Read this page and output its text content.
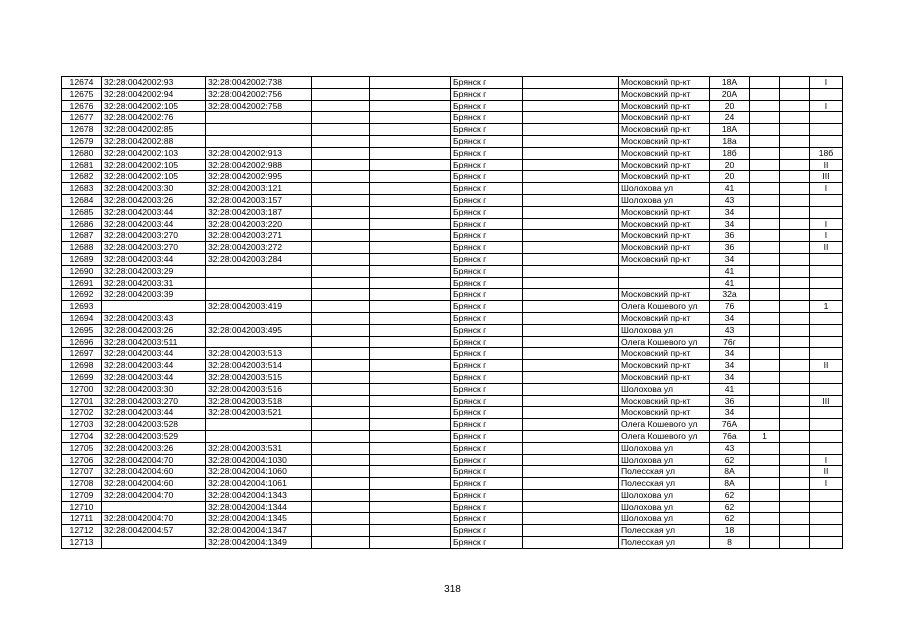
12674	32:28:0042002:93	32:28:0042002:738			Брянск г		Московский пр-кт	18А			I
12675	32:28:0042002:94	32:28:0042002:756			Брянск г		Московский пр-кт	20А			
12676	32:28:0042002:105	32:28:0042002:758			Брянск г		Московский пр-кт	20			I
12677	32:28:0042002:76				Брянск г		Московский пр-кт	24			
12678	32:28:0042002:85				Брянск г		Московский пр-кт	18А			
12679	32:28:0042002:88				Брянск г		Московский пр-кт	18а			
12680	32:28:0042002:103	32:28:0042002:913			Брянск г		Московский пр-кт	18б			18б
12681	32:28:0042002:105	32:28:0042002:988			Брянск г		Московский пр-кт	20			II
12682	32:28:0042002:105	32:28:0042002:995			Брянск г		Московский пр-кт	20			III
12683	32:28:0042003:30	32:28:0042003:121			Брянск г		Шолохова ул	41			I
12684	32:28:0042003:26	32:28:0042003:157			Брянск г		Шолохова ул	43			
12685	32:28:0042003:44	32:28:0042003:187			Брянск г		Московский пр-кт	34			
12686	32:28:0042003:44	32:28:0042003:220			Брянск г		Московский пр-кт	34			I
12687	32:28:0042003:270	32:28:0042003:271			Брянск г		Московский пр-кт	36			I
12688	32:28:0042003:270	32:28:0042003:272			Брянск г		Московский пр-кт	36			II
12689	32:28:0042003:44	32:28:0042003:284			Брянск г		Московский пр-кт	34			
12690	32:28:0042003:29				Брянск г			41			
12691	32:28:0042003:31				Брянск г			41			
12692	32:28:0042003:39				Брянск г		Московский пр-кт	32а			
12693		32:28:0042003:419			Брянск г		Олега Кошевого ул	76			1
12694	32:28:0042003:43				Брянск г		Московский пр-кт	34			
12695	32:28:0042003:26	32:28:0042003:495			Брянск г		Шолохова ул	43			
12696	32:28:0042003:511				Брянск г		Олега Кошевого ул	76г			
12697	32:28:0042003:44	32:28:0042003:513			Брянск г		Московский пр-кт	34			
12698	32:28:0042003:44	32:28:0042003:514			Брянск г		Московский пр-кт	34			II
12699	32:28:0042003:44	32:28:0042003:515			Брянск г		Московский пр-кт	34			
12700	32:28:0042003:30	32:28:0042003:516			Брянск г		Шолохова ул	41			
12701	32:28:0042003:270	32:28:0042003:518			Брянск г		Московский пр-кт	36			III
12702	32:28:0042003:44	32:28:0042003:521			Брянск г		Московский пр-кт	34			
12703	32:28:0042003:528				Брянск г		Олега Кошевого ул	76А			
12704	32:28:0042003:529				Брянск г		Олега Кошевого ул	76а	1		
12705	32:28:0042003:26	32:28:0042003:531			Брянск г		Шолохова ул	43			
12706	32:28:0042004:70	32:28:0042004:1030			Брянск г		Шолохова ул	62			I
12707	32:28:0042004:60	32:28:0042004:1060			Брянск г		Полесская ул	8А			II
12708	32:28:0042004:60	32:28:0042004:1061			Брянск г		Полесская ул	8А			I
12709	32:28:0042004:70	32:28:0042004:1343			Брянск г		Шолохова ул	62			
12710		32:28:0042004:1344			Брянск г		Шолохова ул	62			
12711	32:28:0042004:70	32:28:0042004:1345			Брянск г		Шолохова ул	62			
12712	32:28:0042004:57	32:28:0042004:1347			Брянск г		Полесская ул	18			
12713		32:28:0042004:1349			Брянск г		Полесская ул	8			
318
